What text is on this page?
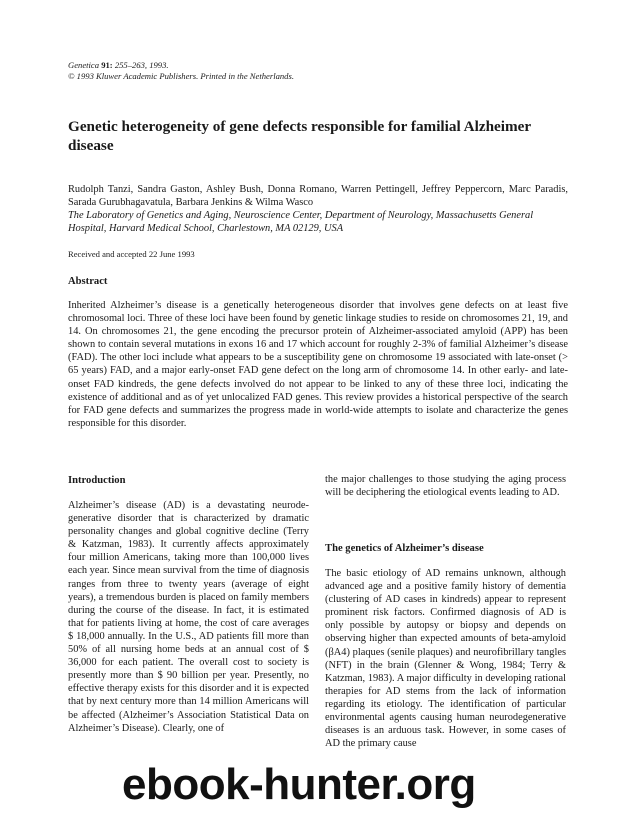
Genetica 91: 255–263, 1993.
© 1993 Kluwer Academic Publishers. Printed in the Netherlands.
Genetic heterogeneity of gene defects responsible for familial Alzheimer disease
Rudolph Tanzi, Sandra Gaston, Ashley Bush, Donna Romano, Warren Pettingell, Jeffrey Peppercorn, Marc Paradis, Sarada Gurubhagavatula, Barbara Jenkins & Wilma Wasco
The Laboratory of Genetics and Aging, Neuroscience Center, Department of Neurology, Massachusetts General Hospital, Harvard Medical School, Charlestown, MA 02129, USA
Received and accepted 22 June 1993
Abstract
Inherited Alzheimer’s disease is a genetically heterogeneous disorder that involves gene defects on at least five chromosomal loci. Three of these loci have been found by genetic linkage studies to reside on chromosomes 21, 19, and 14. On chromosomes 21, the gene encoding the precursor protein of Alzheimer-associated amyloid (APP) has been shown to contain several mutations in exons 16 and 17 which account for roughly 2-3% of familial Alzheimer’s disease (FAD). The other loci include what appears to be a susceptibility gene on chromosome 19 associated with late-onset (> 65 years) FAD, and a major early-onset FAD gene defect on the long arm of chromosome 14. In other early- and late-onset FAD kindreds, the gene defects involved do not appear to be linked to any of these three loci, indicating the existence of additional and as of yet unlocalized FAD genes. This review provides a historical perspective of the search for FAD gene defects and summarizes the progress made in world-wide attempts to isolate and characterize the genes responsible for this disorder.
Introduction
Alzheimer’s disease (AD) is a devastating neurodegenerative disorder that is characterized by dramatic personality changes and global cognitive decline (Terry & Katzman, 1983). It currently affects approximately four million Americans, taking more than 100,000 lives each year. Since mean survival from the time of diagnosis ranges from three to twenty years (average of eight years), a tremendous burden is placed on family members during the course of the disease. In fact, it is estimated that for patients living at home, the cost of care averages $ 18,000 annually. In the U.S., AD patients fill more than 50% of all nursing home beds at an annual cost of $ 36,000 for each patient. The overall cost to society is presently more than $ 90 billion per year. Presently, no effective therapy exists for this disorder and it is expected that by next century more than 14 million Americans will be affected (Alzheimer’s Association Statistical Data on Alzheimer’s Disease). Clearly, one of
the major challenges to those studying the aging process will be deciphering the etiological events leading to AD.
The genetics of Alzheimer’s disease
The basic etiology of AD remains unknown, although advanced age and a positive family history of dementia (clustering of AD cases in kindreds) appear to represent prominent risk factors. Confirmed diagnosis of AD is only possible by autopsy or biopsy and depends on observing higher than expected amounts of beta-amyloid (βA4) plaques (senile plaques) and neurofibrillary tangles (NFT) in the brain (Glenner & Wong, 1984; Terry & Katzman, 1983). A major difficulty in developing rational therapies for AD stems from the lack of information regarding its etiology. The identification of particular environmental agents causing human neurodegenerative diseases is an arduous task. However, in some cases of AD the primary cause
ebook-hunter.org
